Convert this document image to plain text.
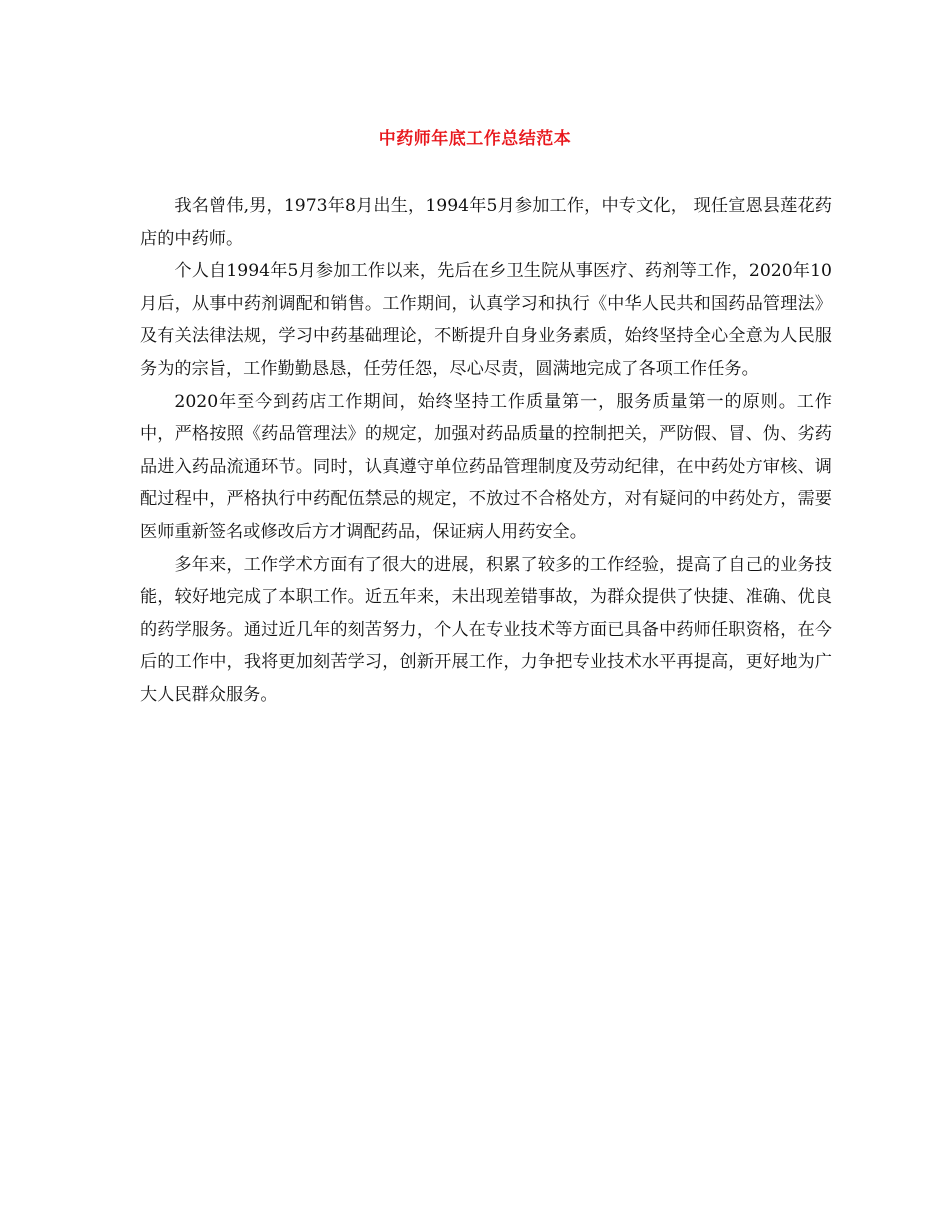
中药师年底工作总结范本

我名曾伟,男，1973年8月出生，1994年5月参加工作，中专文化， 现任宣恩县莲花药店的中药师。

个人自1994年5月参加工作以来，先后在乡卫生院从事医疗、药剂等工作，2020年10月后，从事中药剂调配和销售。工作期间，认真学习和执行《中华人民共和国药品管理法》及有关法律法规，学习中药基础理论，不断提升自身业务素质，始终坚持全心全意为人民服务为的宗旨，工作勤勤恳恳，任劳任怨，尽心尽责，圆满地完成了各项工作任务。

2020年至今到药店工作期间，始终坚持工作质量第一，服务质量第一的原则。工作中，严格按照《药品管理法》的规定，加强对药品质量的控制把关，严防假、冒、伪、劣药品进入药品流通环节。同时，认真遵守单位药品管理制度及劳动纪律，在中药处方审核、调配过程中，严格执行中药配伍禁忌的规定，不放过不合格处方，对有疑问的中药处方，需要医师重新签名或修改后方才调配药品，保证病人用药安全。

多年来，工作学术方面有了很大的进展，积累了较多的工作经验，提高了自己的业务技能，较好地完成了本职工作。近五年来，未出现差错事故，为群众提供了快捷、准确、优良的药学服务。通过近几年的刻苦努力，个人在专业技术等方面已具备中药师任职资格，在今后的工作中，我将更加刻苦学习，创新开展工作，力争把专业技术水平再提高，更好地为广大人民群众服务。
